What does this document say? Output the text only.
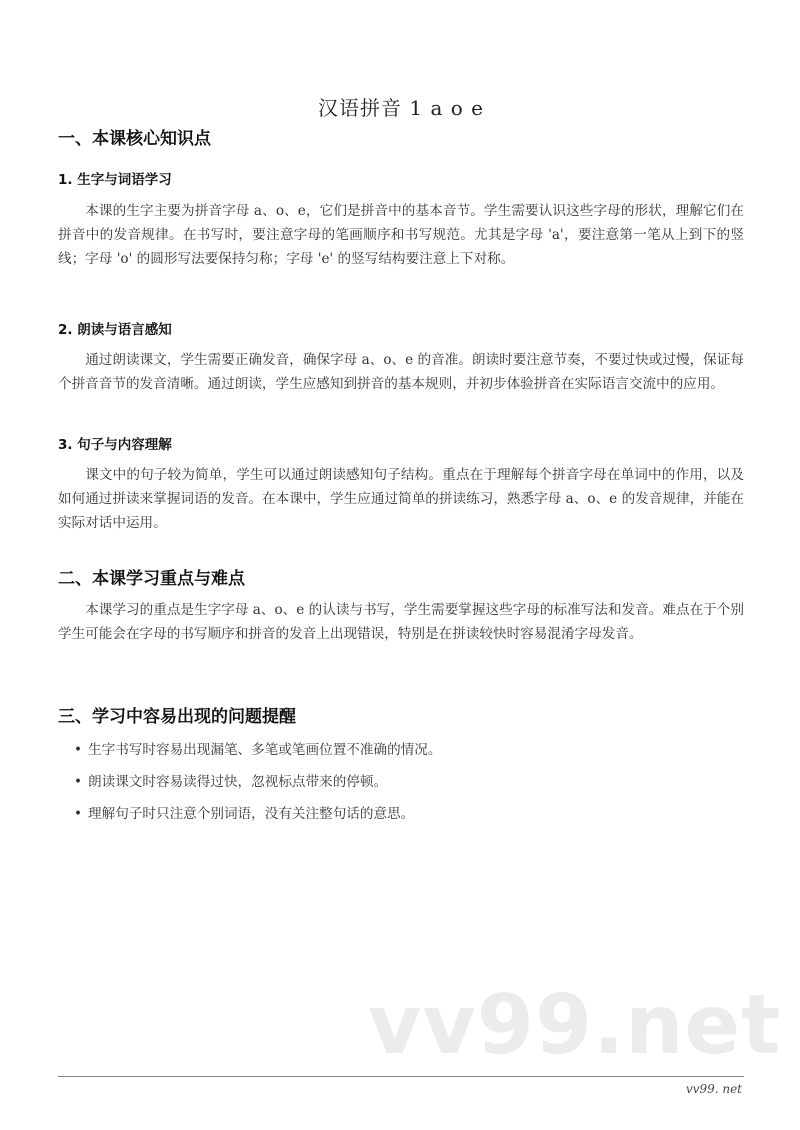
汉语拼音 1 a o e
一、本课核心知识点
1. 生字与词语学习
本课的生字主要为拼音字母 a、o、e，它们是拼音中的基本音节。学生需要认识这些字母的形状，理解它们在拼音中的发音规律。在书写时，要注意字母的笔画顺序和书写规范。尤其是字母 'a'，要注意第一笔从上到下的竖线；字母 'o' 的圆形写法要保持匀称；字母 'e' 的竖写结构要注意上下对称。
2. 朗读与语言感知
通过朗读课文，学生需要正确发音，确保字母 a、o、e 的音准。朗读时要注意节奏，不要过快或过慢，保证每个拼音音节的发音清晰。通过朗读，学生应感知到拼音的基本规则，并初步体验拼音在实际语言交流中的应用。
3. 句子与内容理解
课文中的句子较为简单，学生可以通过朗读感知句子结构。重点在于理解每个拼音字母在单词中的作用，以及如何通过拼读来掌握词语的发音。在本课中，学生应通过简单的拼读练习，熟悉字母 a、o、e 的发音规律，并能在实际对话中运用。
二、本课学习重点与难点
本课学习的重点是生字字母 a、o、e 的认读与书写，学生需要掌握这些字母的标准写法和发音。难点在于个别学生可能会在字母的书写顺序和拼音的发音上出现错误，特别是在拼读较快时容易混淆字母发音。
三、学习中容易出现的问题提醒
• 生字书写时容易出现漏笔、多笔或笔画位置不准确的情况。
• 朗读课文时容易读得过快，忽视标点带来的停顿。
• 理解句子时只注意个别词语，没有关注整句话的意思。
vv99.net
vv99. net
